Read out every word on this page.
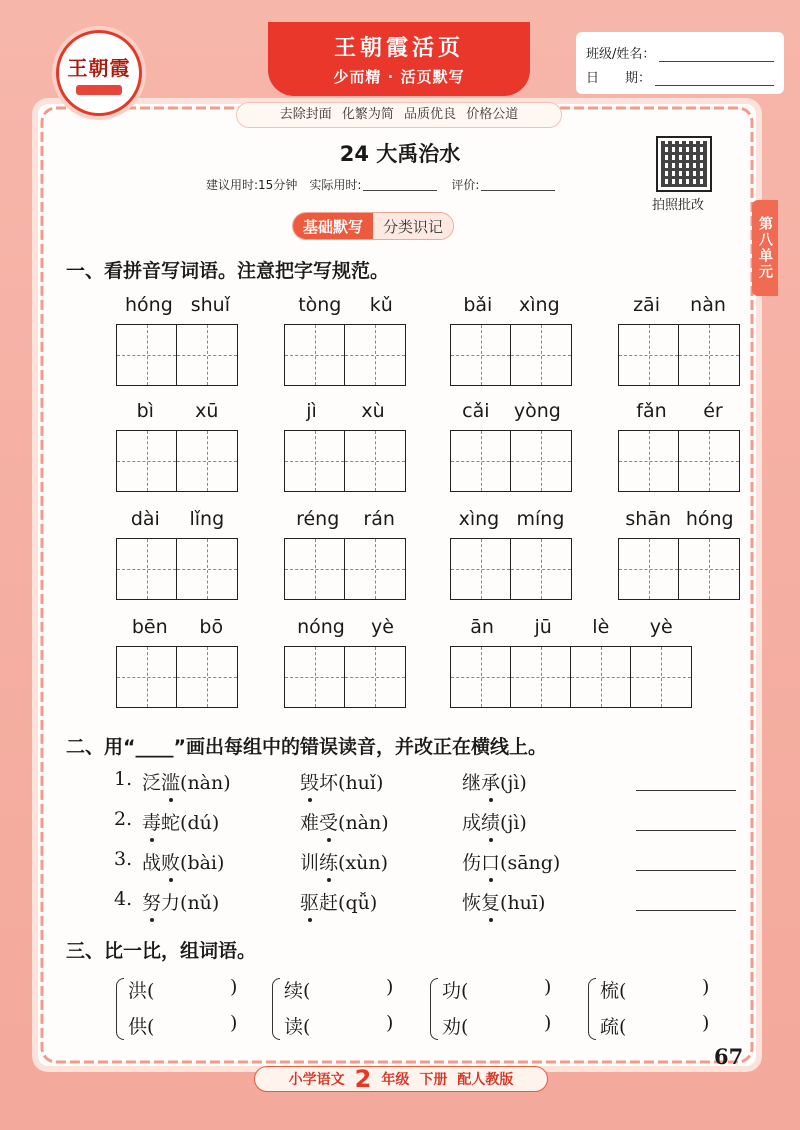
王朝霞
王朝霞活页
少而精 · 活页默写
去除封面 化繁为简 品质优良 价格公道
班级/姓名：
日　　期：
24 大禹治水
建议用时:15分钟 实际用时:	评价:
拍照批改
第八单元
基础默写	分类识记
一、看拼音写词语。注意把字写规范。
hóng shuǐ	tòng kǔ	bǎi xìng	zāi nàn
bì xū	jì xù	cǎi yòng	fǎn ér
dài lǐng	réng rán	xìng míng	shān hóng
bēn bō	nóng yè	ān jū lè yè
二、用“____”画出每组中的错误读音，并改正在横线上。
1. 泛滥(nàn)	毁坏(huǐ)	继承(jì)
2. 毒蛇(dú)	难受(nàn)	成绩(jì)
3. 战败(bài)	训练(xùn)	伤口(sāng)
4. 努力(nǔ)	驱赶(qǚ)	恢复(huī)
三、比一比，组词语。
洪(	)
供(	)
续(	)
读(	)
功(	)
劝(	)
梳(	)
疏(	)
小学语文 2 年级 下册 配人教版
67
